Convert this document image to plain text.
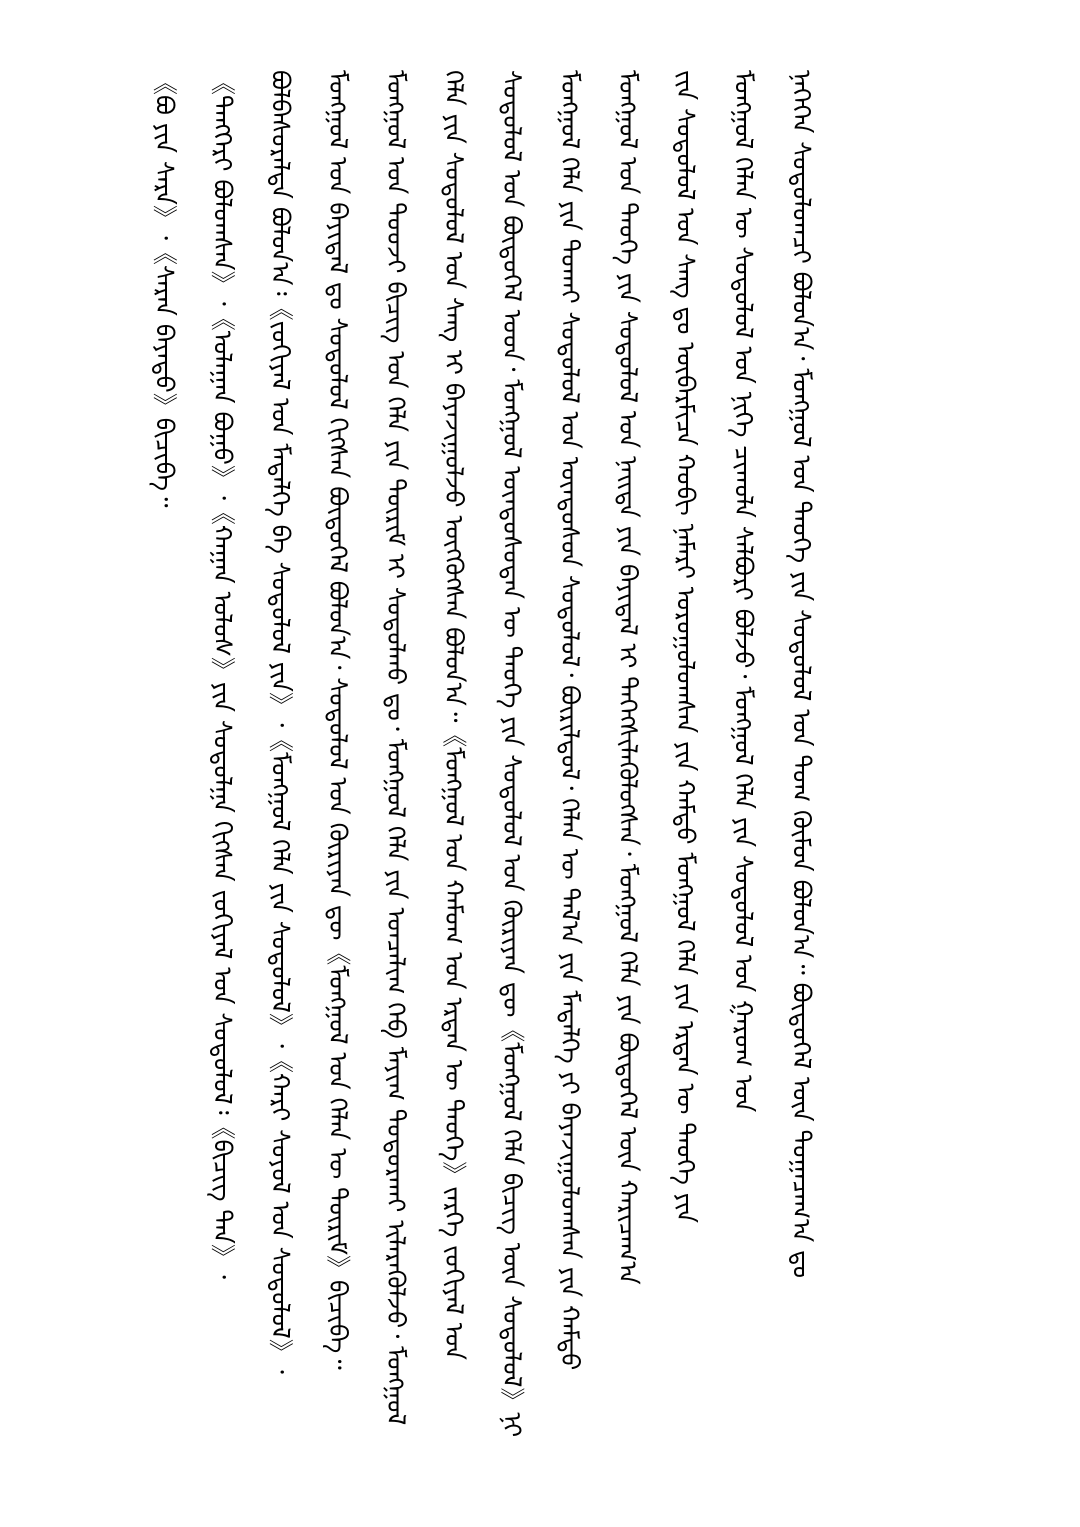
《ᠪᠣ ᠶᠢᠨ ᠰᠠᠷᠠ》᠂《ᠰᠠᠷᠠᠨ ᠪᠡᠶᠡᠳᠦ》ᠪᠢᠴᠢᠪᠡ᠃ 《ᠲᠡᠩᠭᠡᠷᠢ ᠪᠣᠯᠤᠭᠰᠠᠨ》᠂《ᠤᠯᠠᠭᠠᠨ ᠪᠤᠭᠤ》᠂《ᠬᠠᠭᠠᠨ ᠤᠯᠤᠰ》ᠶᠢᠨ ᠰᠤᠳᠤᠯᠭᠠ ᠬᠢᠭᠰᠡᠨ ᠵᠣᠬᠢᠶᠠᠯ ᠤᠨ ᠰᠤᠳᠤᠯᠤᠯ᠄《ᠪᠢᠴᠢᠭ ᠲᠠᠨ》᠂ ᠪᠣᠯᠪᠠᠰᠤᠷᠠᠯᠲᠠ ᠪᠣᠯᠤᠨ᠎ᠠ᠄《ᠵᠣᠬᠢᠶᠠᠯ ᠤᠨ ᠮᠡᠳᠡᠯᠭᠡ ᠪᠠ ᠰᠤᠳᠤᠯᠤᠯ ᠶᠢᠨ》᠂《ᠮᠣᠩᠭᠣᠯ ᠬᠡᠯᠡ ᠶᠢᠨ ᠰᠤᠳᠤᠯᠤᠯ》᠂《ᠬᠠᠷᠢ ᠰᠣᠶᠣᠯ ᠤᠨ ᠰᠤᠳᠤᠯᠤᠯ》᠂ ᠮᠣᠩᠭᠣᠯ ᠤᠨ ᠪᠠᠶᠢᠳᠠᠯ ᠳᠤ ᠰᠤᠳᠤᠯᠤᠯ ᠬᠢᠭᠰᠡᠨ ᠪᠦᠲᠦᠭᠡᠯ ᠪᠣᠯᠤᠨ᠎ᠠ᠂ ᠰᠤᠳᠤᠯᠤᠯ ᠤᠨ ᠬᠦᠷᠢᠶᠡᠨ ᠳᠦ《ᠮᠣᠩᠭᠣᠯ ᠤᠨ ᠬᠡᠯᠡᠨ ᠦ ᠳᠦᠷᠢᠮ》ᠪᠢᠴᠢᠪᠡ᠃ ᠮᠣᠩᠭᠣᠯ ᠤᠨ ᠲᠤᠤᠵᠢ ᠪᠢᠴᠢᠭ ᠤᠨ ᠬᠡᠯᠡ ᠶᠢᠨ ᠳᠦᠷᠢᠮ ᠢ ᠰᠤᠳᠤᠯᠬᠤ ᠳᠤ᠂ ᠮᠣᠩᠭᠣᠯ ᠬᠡᠯᠡ ᠶᠢᠨ ᠣᠨᠴᠠᠯᠢᠭ ᠬᠡᠪ ᠮᠠᠶᠢᠭ ᠲᠣᠳᠣᠷᠬᠠᠶ ᠢᠯᠡᠷᠡᠭᠦᠯᠵᠦ᠂ ᠮᠣᠩᠭᠣᠯ ᠬᠡᠯᠡ ᠶᠢᠨ ᠰᠤᠳᠤᠯᠤᠯ ᠤᠨ ᠰᠠᠩ ᠢ ᠪᠠᠶᠠᠵᠢᠭᠤᠯᠵᠤ ᠥᠭᠭᠦᠭᠰᠡᠨ ᠪᠣᠯᠤᠨ᠎ᠠ᠃《ᠮᠣᠩᠭᠣᠯ ᠤᠨ ᠬᠠᠮᠤᠭ ᠤᠨ ᠡᠷᠲᠡᠨ ᠦ ᠲᠡᠦᠬᠡ》ᠵᠡᠷᠭᠡ ᠵᠣᠬᠢᠶᠠᠯ ᠤᠨ ᠰᠤᠳᠤᠯᠤᠯ ᠤᠨ ᠪᠦᠲᠦᠭᠡᠯ ᠤᠳ᠂ ᠮᠣᠩᠭᠣᠯ ᠦᠨᠳᠦᠰᠦᠲᠡᠨ ᠦ ᠲᠡᠦᠬᠡ ᠶᠢᠨ ᠰᠤᠳᠤᠯᠤᠯ ᠤᠨ ᠬᠦᠷᠢᠶᠡᠨ ᠳᠦ《ᠮᠣᠩᠭᠣᠯ ᠬᠡᠯᠡ ᠪᠢᠴᠢᠭ ᠦᠨ ᠰᠤᠳᠤᠯᠤᠯ》ᠨᠢ ᠮᠣᠩᠭᠣᠯ ᠬᠡᠯᠡ ᠶᠢᠨ ᠲᠤᠬᠠᠢ ᠰᠤᠳᠤᠯᠤᠯ ᠤᠨ ᠦᠨᠳᠦᠰᠦᠨ ᠰᠤᠳᠤᠯᠤᠯ᠂ ᠪᠦᠷᠢᠯᠳᠦᠯ᠂ ᠬᠡᠯᠡᠨ ᠦ ᠲᠠᠯ᠎ᠠ ᠶᠢᠨ ᠮᠡᠳᠡᠯᠭᠡ ᠶᠢ ᠪᠠᠶᠠᠵᠢᠭᠤᠯᠤᠭᠰᠠᠨ ᠶᠢᠨ ᠬᠠᠮᠲᠤ ᠮᠣᠩᠭᠣᠯ ᠤᠨ ᠲᠡᠦᠬᠡ ᠶᠢᠨ ᠰᠤᠳᠤᠯᠤᠯ ᠤᠨ ᠨᠡᠢᠲᠡ ᠶᠢᠨ ᠪᠠᠶᠢᠳᠠᠯ ᠢ ᠳᠡᠭᠡᠭᠰᠢᠯᠡᠭᠦᠯᠦᠭᠰᠡᠨ᠂ ᠮᠣᠩᠭᠣᠯ ᠬᠡᠯᠡ ᠶᠢᠨ ᠪᠦᠲᠦᠭᠡᠯ ᠦᠨ ᠬᠠᠷᠢᠴᠠᠭ᠎ᠠ ᠵᠢᠨ ᠰᠤᠳᠤᠯᠤᠯ ᠤᠨ ᠰᠠᠩ ᠳᠤ ᠥᠪᠡᠷᠮᠢᠴᠡ ᠬᠤᠪᠢ ᠨᠡᠮᠡᠷᠢ ᠣᠷᠣᠭᠤᠯᠤᠭᠰᠠᠨ ᠶᠢᠨ ᠬᠠᠮᠲᠤ ᠮᠣᠩᠭᠣᠯ ᠬᠡᠯᠡ ᠶᠢᠨ ᠡᠷᠲᠡᠨ ᠦ ᠲᠡᠦᠬᠡ ᠶᠢᠨ ᠮᠣᠩᠭᠣᠯ ᠬᠡᠯᠡᠨ ᠦ ᠰᠤᠳᠤᠯᠤᠯ ᠤᠨ ᠨᠢᠭᠡ ᠴᠢᠬᠤᠯᠠ ᠰᠠᠯᠪᠤᠷᠢ ᠪᠣᠯᠵᠤ᠂ ᠮᠣᠩᠭᠣᠯ ᠬᠡᠯᠡ ᠶᠢᠨ ᠰᠤᠳᠤᠯᠤᠯ ᠤᠨ ᠭᠠᠷᠤᠭ ᠤᠨ ᠨᠡᠭᠡᠭᠡᠨ ᠰᠤᠳᠤᠯᠤᠭᠴᠢ ᠪᠣᠯᠤᠨ᠎ᠠ᠂ ᠮᠣᠩᠭᠣᠯ ᠤᠨ ᠲᠡᠦᠬᠡ ᠶᠢᠨ ᠰᠤᠳᠤᠯᠤᠯ ᠤᠨ ᠲᠤᠭ ᠬᠦᠮᠦᠨ ᠪᠣᠯᠤᠨ᠎ᠠ᠃ ᠪᠦᠲᠦᠭᠡᠯ ᠦᠨ ᠲᠣᠭᠠᠴᠠᠭ᠎ᠠ ᠳᠤ
